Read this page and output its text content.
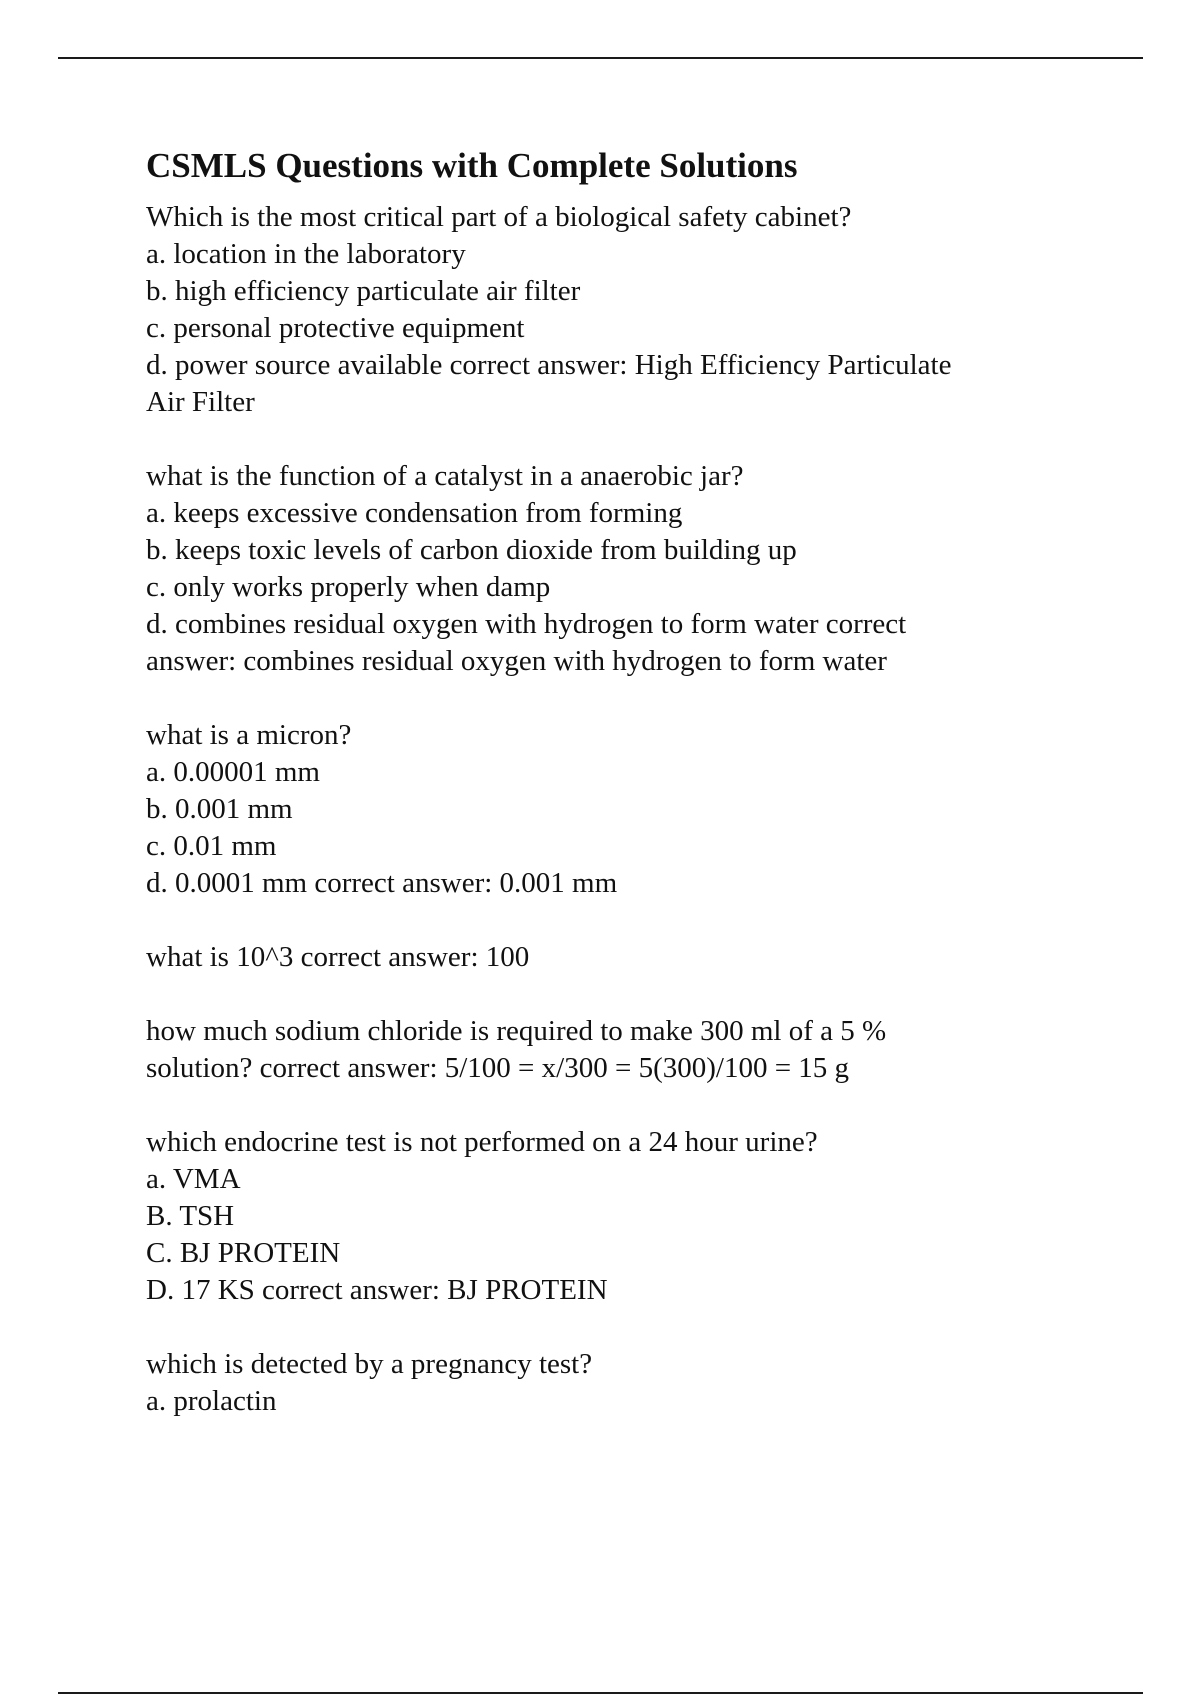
CSMLS Questions with Complete Solutions
Which is the most critical part of a biological safety cabinet?
a. location in the laboratory
b. high efficiency particulate air filter
c. personal protective equipment
d. power source available correct answer: High Efficiency Particulate
Air Filter
what is the function of a catalyst in a anaerobic jar?
a. keeps excessive condensation from forming
b. keeps toxic levels of carbon dioxide from building up
c. only works properly when damp
d. combines residual oxygen with hydrogen to form water correct
answer: combines residual oxygen with hydrogen to form water
what is a micron?
a. 0.00001 mm
b. 0.001 mm
c. 0.01 mm
d. 0.0001 mm correct answer: 0.001 mm
what is 10^3 correct answer: 100
how much sodium chloride is required to make 300 ml of a 5 %
solution? correct answer: 5/100 = x/300 = 5(300)/100 = 15 g
which endocrine test is not performed on a 24 hour urine?
a. VMA
B. TSH
C. BJ PROTEIN
D. 17 KS correct answer: BJ PROTEIN
which is detected by a pregnancy test?
a. prolactin
